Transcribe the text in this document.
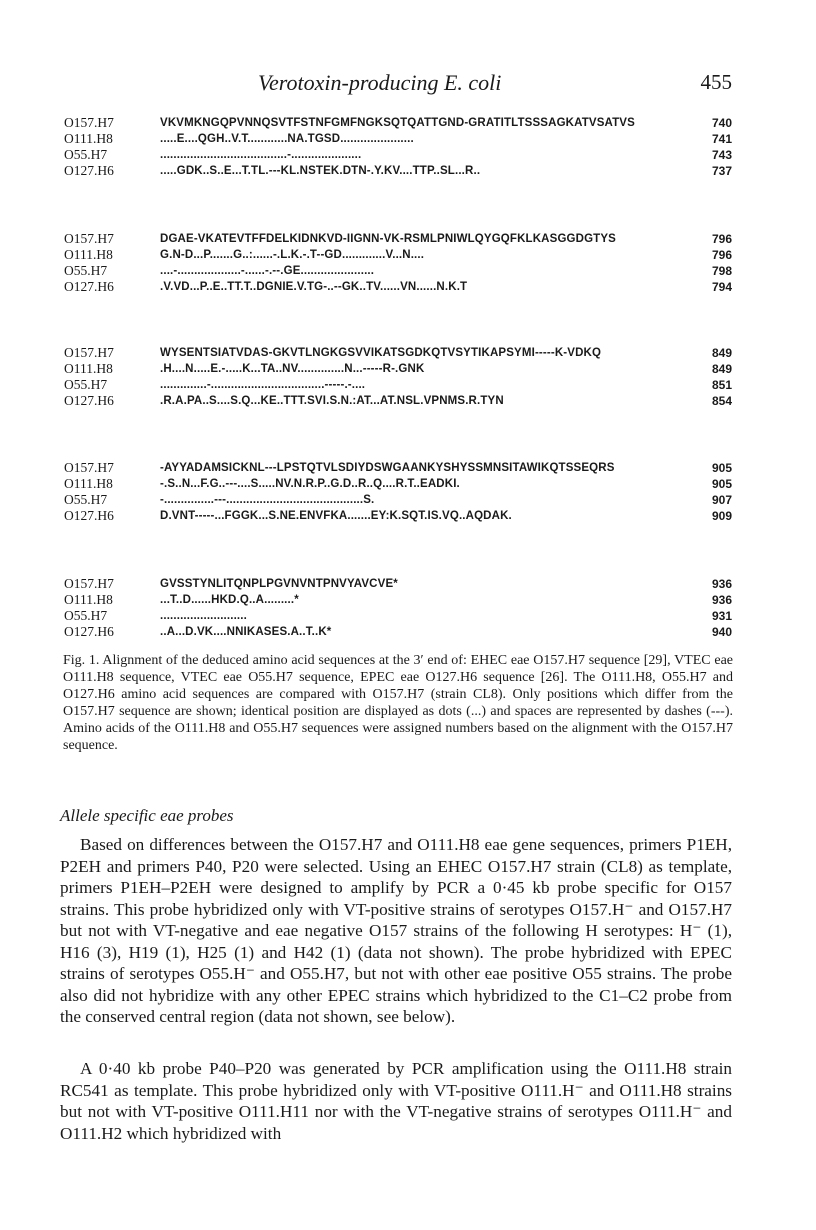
Verotoxin-producing E. coli	455
O157.H7	VKVMKNGQPVNNQSVTFSTNFGMFNGKSQTQATTGND-GRATITLTSSSAGKATVSATVS	740
O111.H8	.....E....QGH..V.T............NA.TGSD......................	741
O55.H7	......................................-.....................	743
O127.H6	.....GDK..S..E...T.TL.---KL.NSTEK.DTN-.Y.KV....TTP..SL...R..	737
O157.H7	DGAE-VKATEVTFFDELKIDNKVD-IIGNN-VK-RSMLPNIWLQYGQFKLKASGGDGTYS	796
O111.H8	G.N-D...P.......G..:......-.L.K.-.T--GD.............V...N....	796
O55.H7	....-...................-......-.--.GE......................	798
O127.H6	.V.VD...P..E..TT.T..DGNIE.V.TG-..--GK..TV......VN......N.K.T	794
O157.H7	WYSENTSIATVDAS-GKVTLNGKGSVVIKATSGDKQTVSYTIKAPSYMI-----K-VDKQ	849
O111.H8	.H....N.....E.-.....K...TA..NV..............N...-----R-.GNK	849
O55.H7	..............-..................................-----.-....	851
O127.H6	.R.A.PA..S....S.Q...KE..TTT.SVI.S.N.:AT...AT.NSL.VPNMS.R.TYN	854
O157.H7	-AYYADAMSICKNL---LPSTQTVLSDIYDSWGAANKYSHYSSMNSITAWIKQTSSEQRS	905
O111.H8	-.S..N...F.G..---....S.....NV.N.R.P..G.D..R..Q....R.T..EADKI.	905
O55.H7	-...............---.........................................S.	907
O127.H6	D.VNT-----...FGGK...S.NE.ENVFKA.......EY:K.SQT.IS.VQ..AQDAK.	909
O157.H7	GVSSTYNLITQNPLPGVNVNTPNVYAVCVE*	936
O111.H8	...T..D......HKD.Q..A.........*	936
O55.H7	..........................	931
O127.H6	..A...D.VK....NNIKASES.A..T..K*	940
Fig. 1. Alignment of the deduced amino acid sequences at the 3′ end of: EHEC eae O157.H7 sequence [29], VTEC eae O111.H8 sequence, VTEC eae O55.H7 sequence, EPEC eae O127.H6 sequence [26]. The O111.H8, O55.H7 and O127.H6 amino acid sequences are compared with O157.H7 (strain CL8). Only positions which differ from the O157.H7 sequence are shown; identical position are displayed as dots (...) and spaces are represented by dashes (---). Amino acids of the O111.H8 and O55.H7 sequences were assigned numbers based on the alignment with the O157.H7 sequence.
Allele specific eae probes

Based on differences between the O157.H7 and O111.H8 eae gene sequences, primers P1EH, P2EH and primers P40, P20 were selected. Using an EHEC O157.H7 strain (CL8) as template, primers P1EH–P2EH were designed to amplify by PCR a 0·45 kb probe specific for O157 strains. This probe hybridized only with VT-positive strains of serotypes O157.H⁻ and O157.H7 but not with VT-negative and eae negative O157 strains of the following H serotypes: H⁻ (1), H16 (3), H19 (1), H25 (1) and H42 (1) (data not shown). The probe hybridized with EPEC strains of serotypes O55.H⁻ and O55.H7, but not with other eae positive O55 strains. The probe also did not hybridize with any other EPEC strains which hybridized to the C1–C2 probe from the conserved central region (data not shown, see below).

A 0·40 kb probe P40–P20 was generated by PCR amplification using the O111.H8 strain RC541 as template. This probe hybridized only with VT-positive O111.H⁻ and O111.H8 strains but not with VT-positive O111.H11 nor with the VT-negative strains of serotypes O111.H⁻ and O111.H2 which hybridized with
